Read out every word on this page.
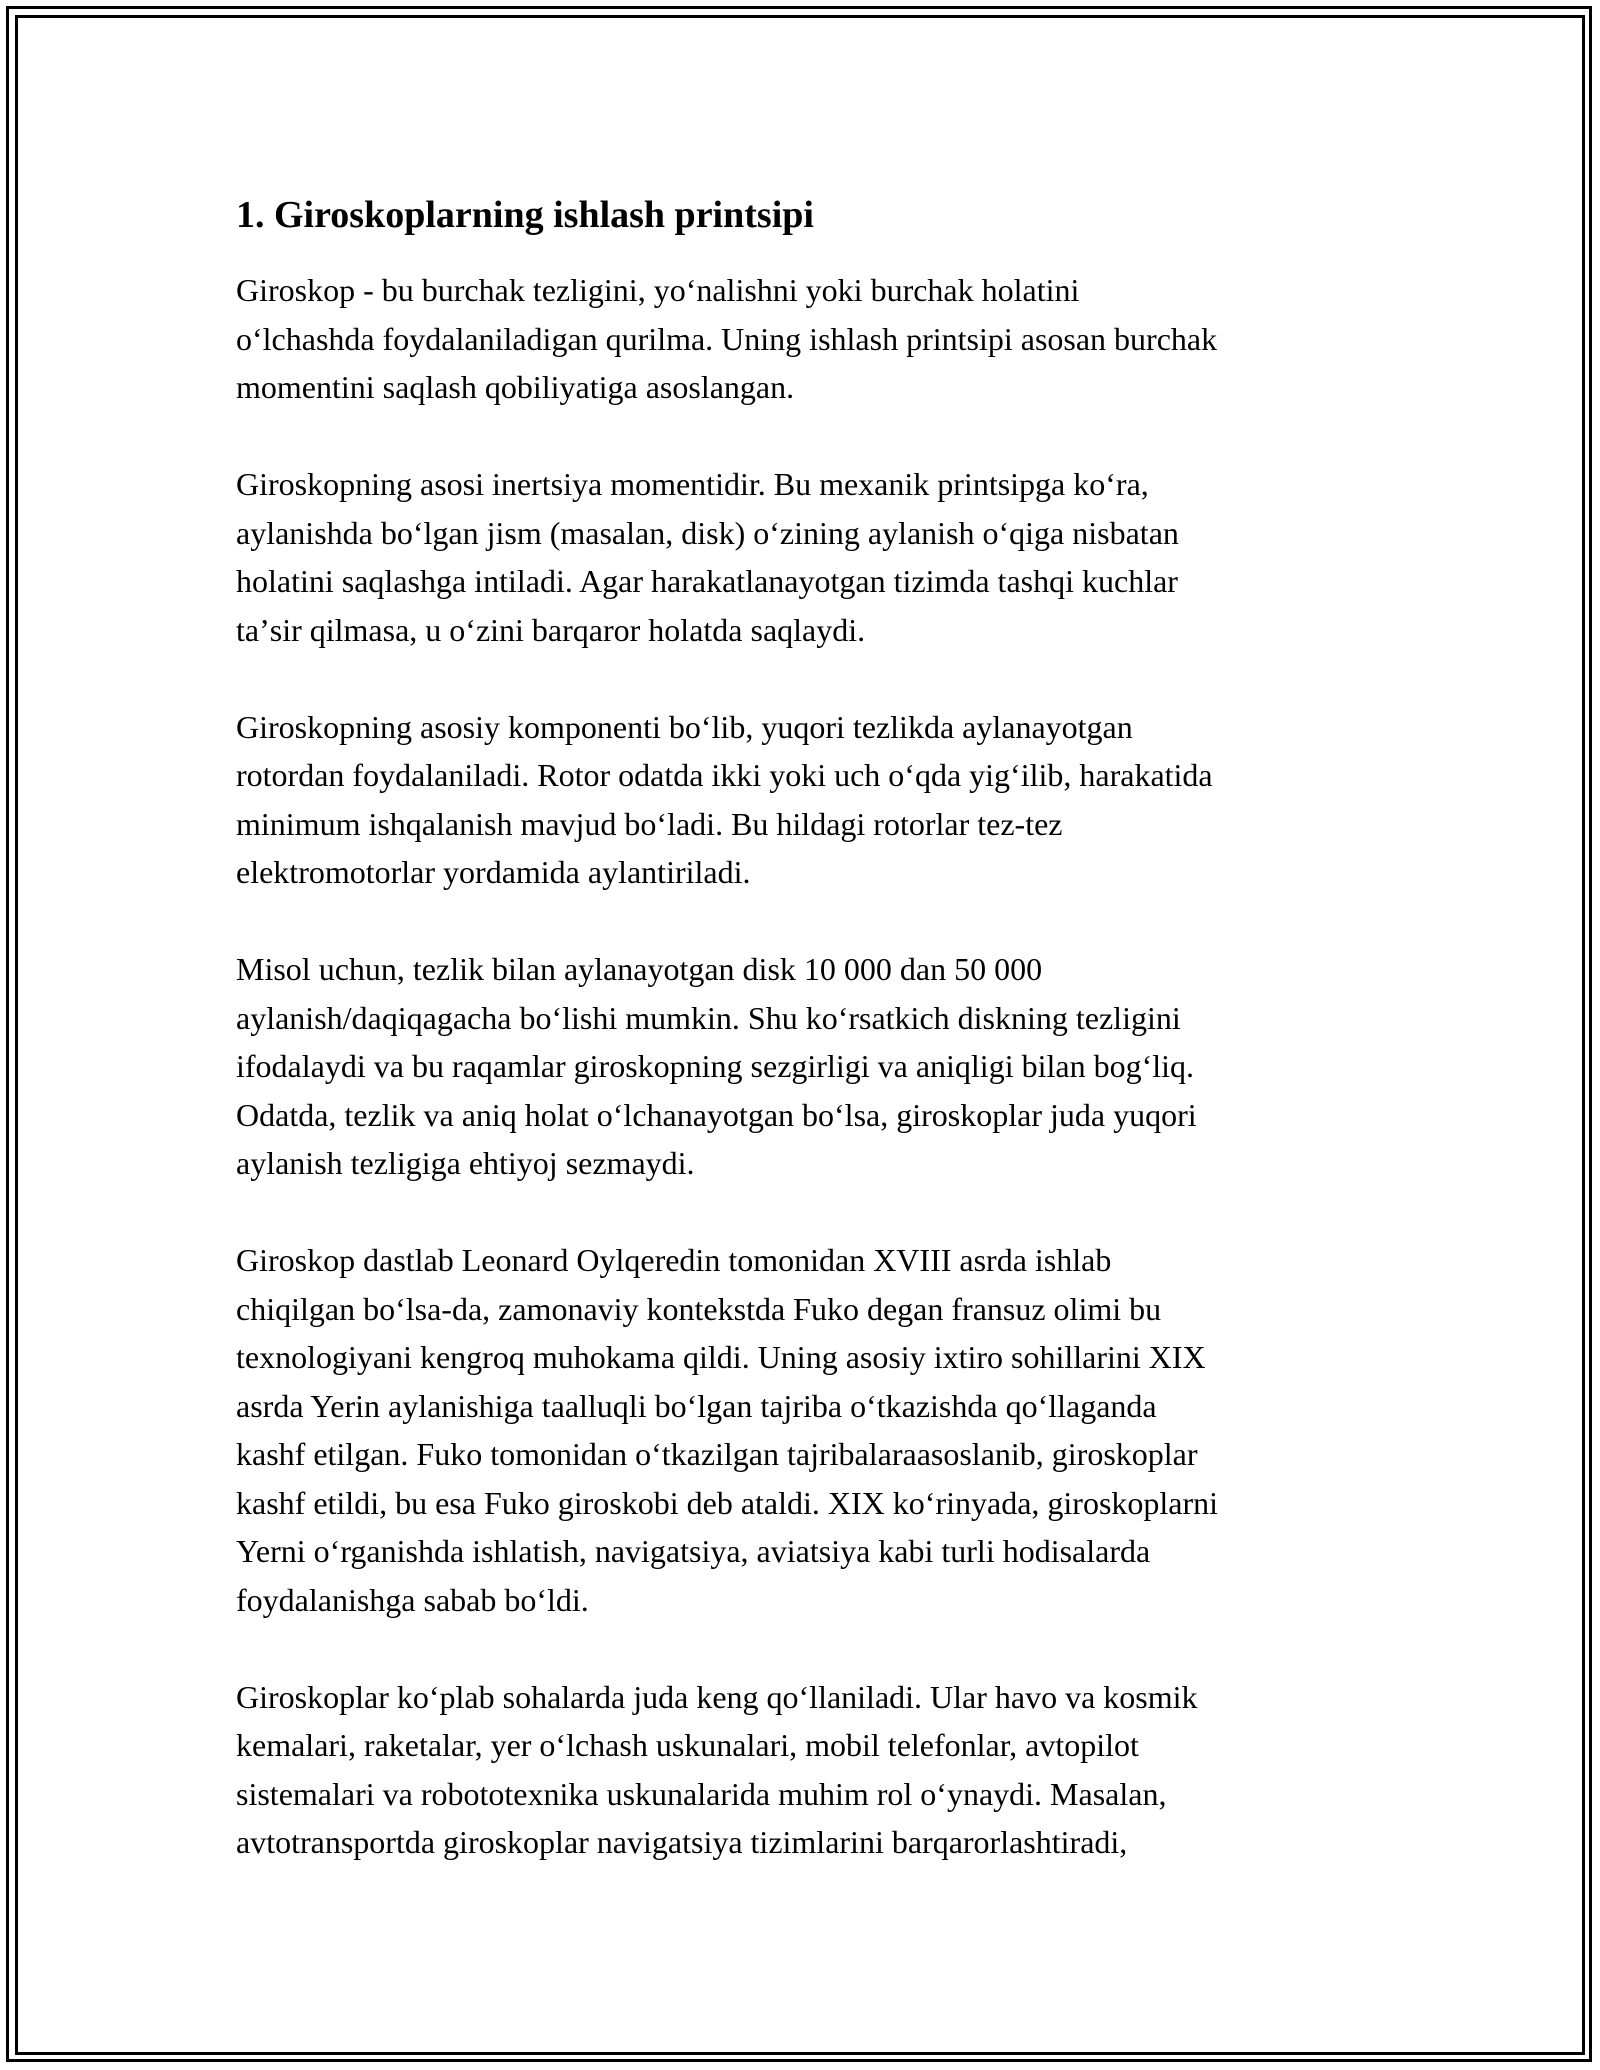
1. Giroskoplarning ishlash printsipi

Giroskop - bu burchak tezligini, yoʻnalishni yoki burchak holatini
oʻlchashda foydalaniladigan qurilma. Uning ishlash printsipi asosan burchak
momentini saqlash qobiliyatiga asoslangan.

Giroskopning asosi inertsiya momentidir. Bu mexanik printsipga koʻra,
aylanishda boʻlgan jism (masalan, disk) oʻzining aylanish oʻqiga nisbatan
holatini saqlashga intiladi. Agar harakatlanayotgan tizimda tashqi kuchlar
taʼsir qilmasa, u oʻzini barqaror holatda saqlaydi.

Giroskopning asosiy komponenti boʻlib, yuqori tezlikda aylanayotgan
rotordan foydalaniladi. Rotor odatda ikki yoki uch oʻqda yigʻilib, harakatida
minimum ishqalanish mavjud boʻladi. Bu hildagi rotorlar tez-tez
elektromotorlar yordamida aylantiriladi.

Misol uchun, tezlik bilan aylanayotgan disk 10 000 dan 50 000
aylanish/daqiqagacha boʻlishi mumkin. Shu koʻrsatkich diskning tezligini
ifodalaydi va bu raqamlar giroskopning sezgirligi va aniqligi bilan bogʻliq.
Odatda, tezlik va aniq holat oʻlchanayotgan boʻlsa, giroskoplar juda yuqori
aylanish tezligiga ehtiyoj sezmaydi.

Giroskop dastlab Leonard Oylqeredin tomonidan XVIII asrda ishlab
chiqilgan boʻlsa-da, zamonaviy kontekstda Fuko degan fransuz olimi bu
texnologiyani kengroq muhokama qildi. Uning asosiy ixtiro sohillarini XIX
asrda Yerin aylanishiga taalluqli boʻlgan tajriba oʻtkazishda qoʻllaganda
kashf etilgan. Fuko tomonidan oʻtkazilgan tajribalaraasoslanib, giroskoplar
kashf etildi, bu esa Fuko giroskobi deb ataldi. XIX koʻrinyada, giroskoplarni
Yerni oʻrganishda ishlatish, navigatsiya, aviatsiya kabi turli hodisalarda
foydalanishga sabab boʻldi.

Giroskoplar koʻplab sohalarda juda keng qoʻllaniladi. Ular havo va kosmik
kemalari, raketalar, yer oʻlchash uskunalari, mobil telefonlar, avtopilot
sistemalari va robototexnika uskunalarida muhim rol oʻynaydi. Masalan,
avtotransportda giroskoplar navigatsiya tizimlarini barqarorlashtiradi,
